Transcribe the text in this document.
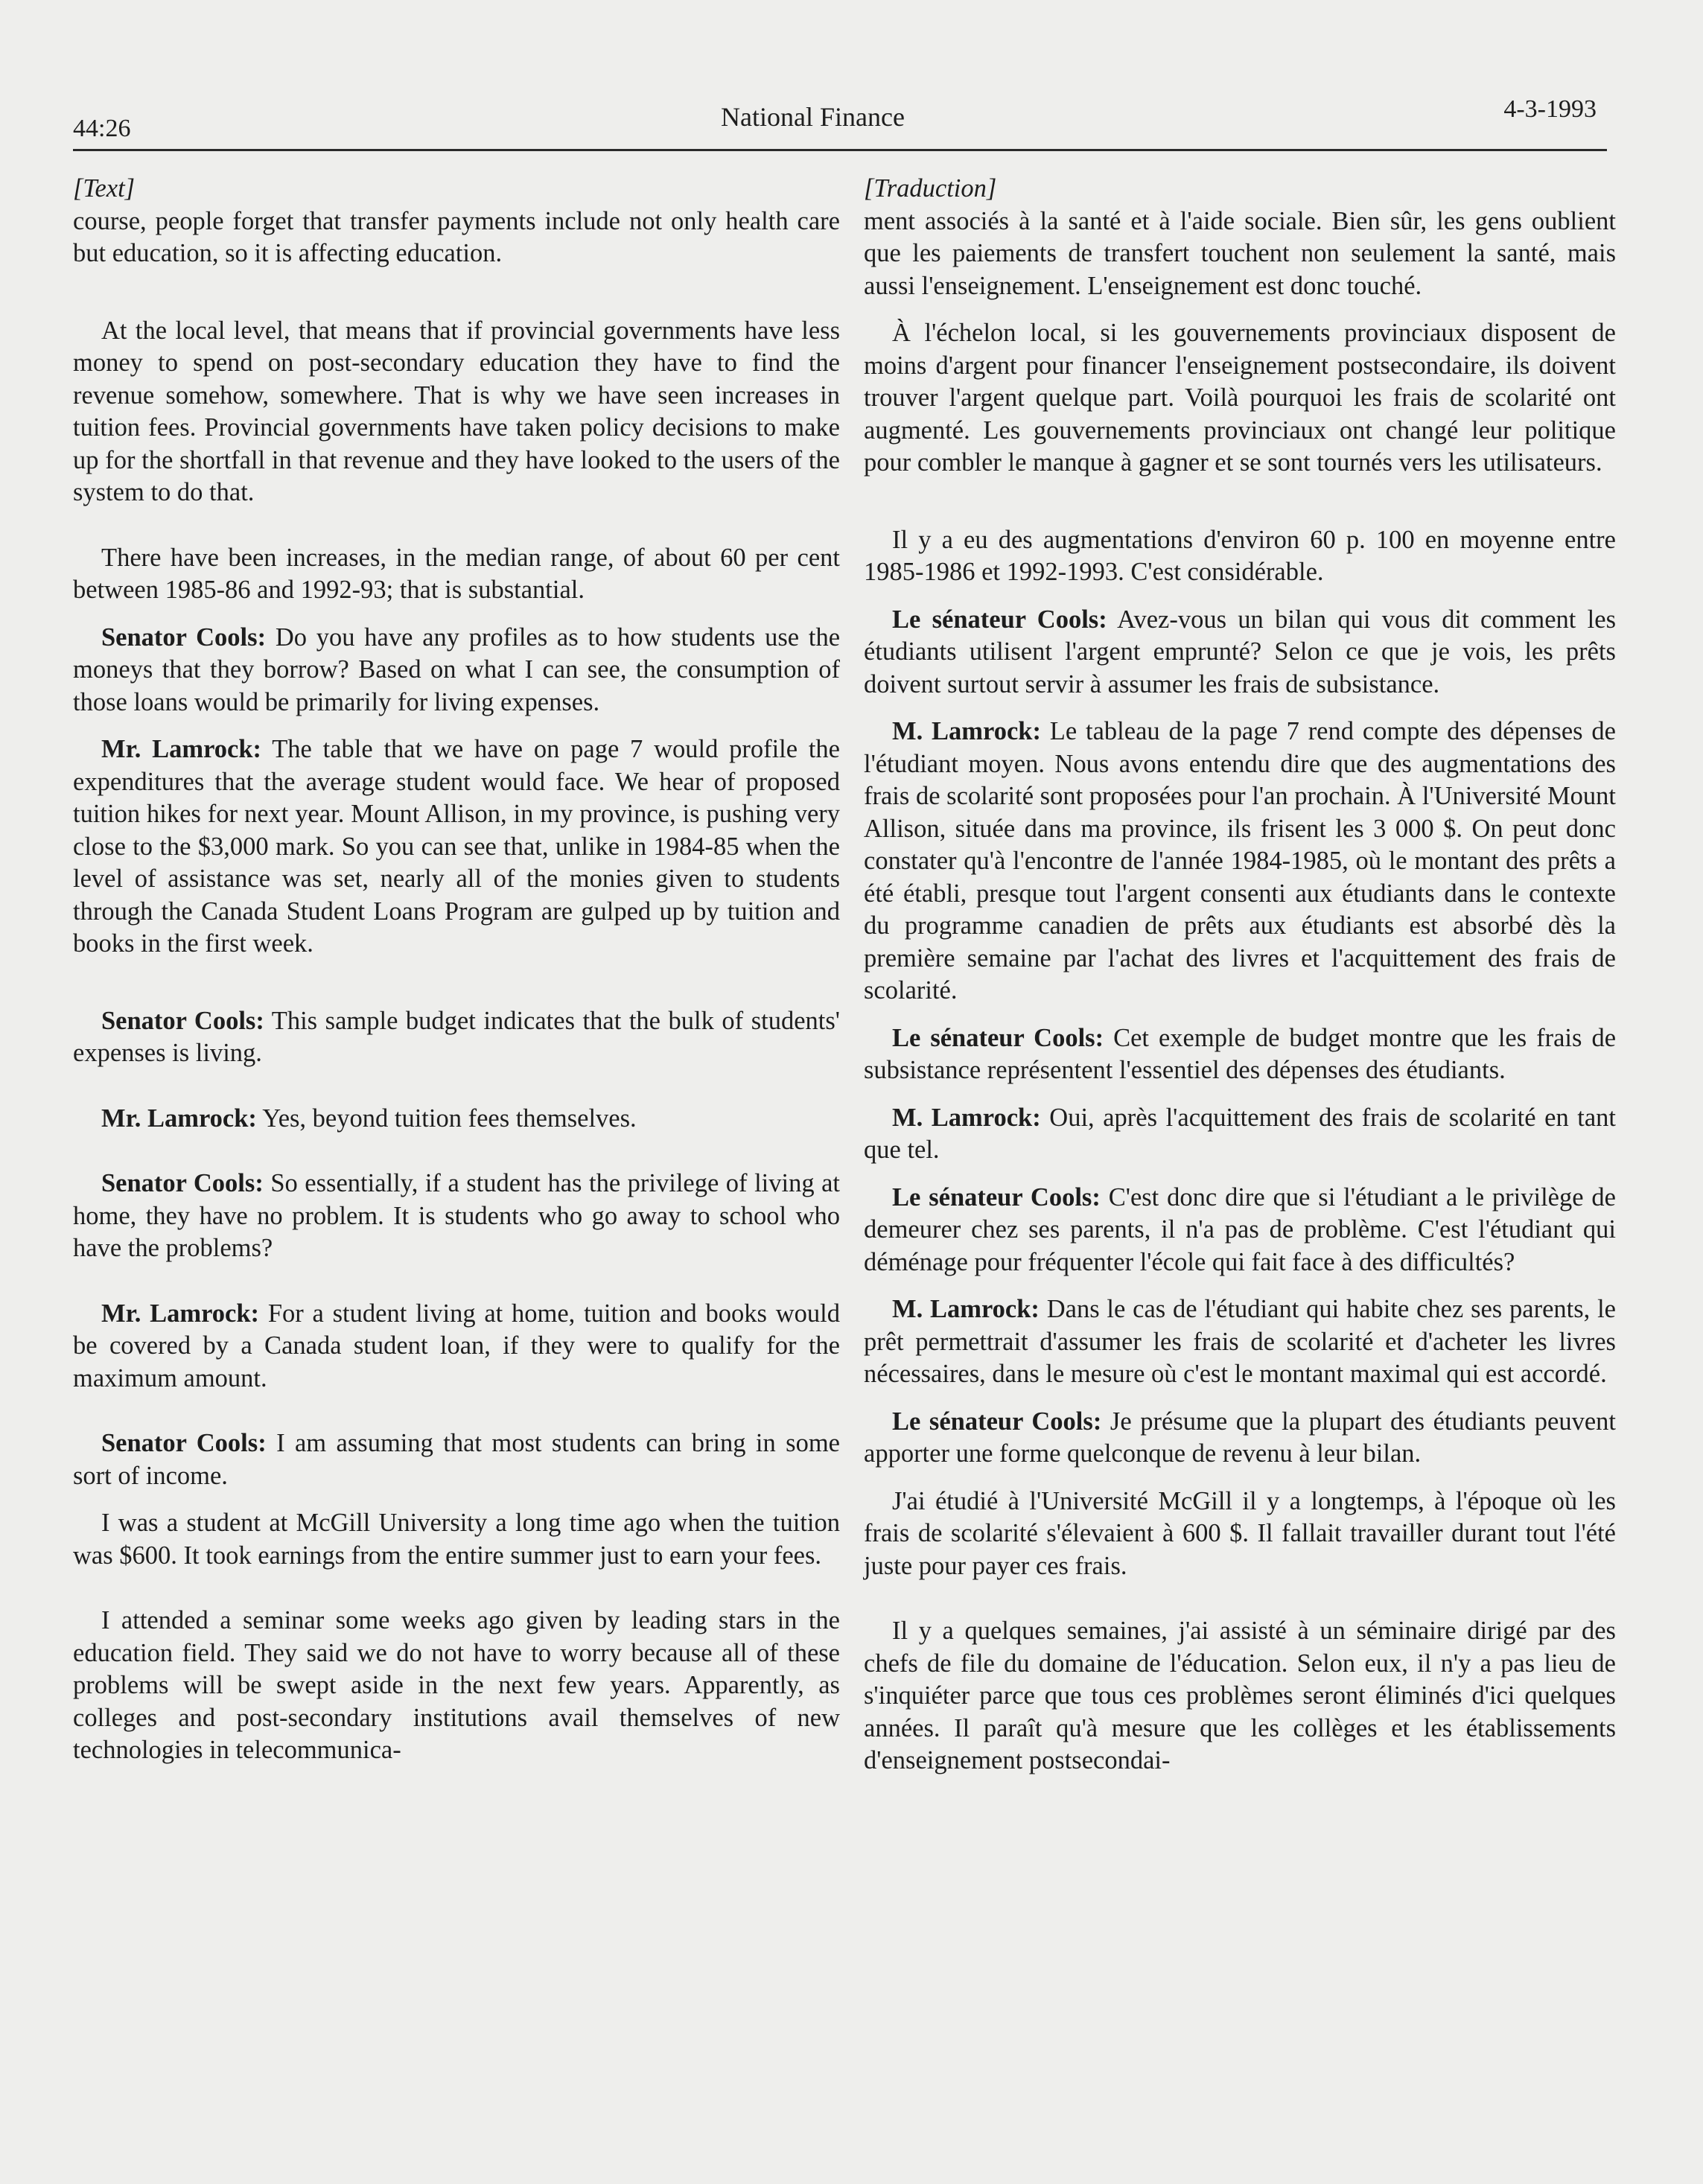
44:26	National Finance	4-3-1993
[Text]

course, people forget that transfer payments include not only health care but education, so it is affecting education.

At the local level, that means that if provincial governments have less money to spend on post-secondary education they have to find the revenue somehow, somewhere. That is why we have seen increases in tuition fees. Provincial governments have taken policy decisions to make up for the shortfall in that revenue and they have looked to the users of the system to do that.

There have been increases, in the median range, of about 60 per cent between 1985-86 and 1992-93; that is substantial.

Senator Cools: Do you have any profiles as to how students use the moneys that they borrow? Based on what I can see, the consumption of those loans would be primarily for living expenses.

Mr. Lamrock: The table that we have on page 7 would profile the expenditures that the average student would face. We hear of proposed tuition hikes for next year. Mount Allison, in my province, is pushing very close to the $3,000 mark. So you can see that, unlike in 1984-85 when the level of assistance was set, nearly all of the monies given to students through the Canada Student Loans Program are gulped up by tuition and books in the first week.

Senator Cools: This sample budget indicates that the bulk of students' expenses is living.

Mr. Lamrock: Yes, beyond tuition fees themselves.

Senator Cools: So essentially, if a student has the privilege of living at home, they have no problem. It is students who go away to school who have the problems?

Mr. Lamrock: For a student living at home, tuition and books would be covered by a Canada student loan, if they were to qualify for the maximum amount.

Senator Cools: I am assuming that most students can bring in some sort of income.

I was a student at McGill University a long time ago when the tuition was $600. It took earnings from the entire summer just to earn your fees.

I attended a seminar some weeks ago given by leading stars in the education field. They said we do not have to worry because all of these problems will be swept aside in the next few years. Apparently, as colleges and post-secondary institutions avail themselves of new technologies in telecommunica-

[Traduction]

ment associés à la santé et à l'aide sociale. Bien sûr, les gens oublient que les paiements de transfert touchent non seulement la santé, mais aussi l'enseignement. L'enseignement est donc touché.

À l'échelon local, si les gouvernements provinciaux disposent de moins d'argent pour financer l'enseignement postsecondaire, ils doivent trouver l'argent quelque part. Voilà pourquoi les frais de scolarité ont augmenté. Les gouvernements provinciaux ont changé leur politique pour combler le manque à gagner et se sont tournés vers les utilisateurs.

Il y a eu des augmentations d'environ 60 p. 100 en moyenne entre 1985-1986 et 1992-1993. C'est considérable.

Le sénateur Cools: Avez-vous un bilan qui vous dit comment les étudiants utilisent l'argent emprunté? Selon ce que je vois, les prêts doivent surtout servir à assumer les frais de subsistance.

M. Lamrock: Le tableau de la page 7 rend compte des dépenses de l'étudiant moyen. Nous avons entendu dire que des augmentations des frais de scolarité sont proposées pour l'an prochain. À l'Université Mount Allison, située dans ma province, ils frisent les 3 000 $. On peut donc constater qu'à l'encontre de l'année 1984-1985, où le montant des prêts a été établi, presque tout l'argent consenti aux étudiants dans le contexte du programme canadien de prêts aux étudiants est absorbé dès la première semaine par l'achat des livres et l'acquittement des frais de scolarité.

Le sénateur Cools: Cet exemple de budget montre que les frais de subsistance représentent l'essentiel des dépenses des étudiants.

M. Lamrock: Oui, après l'acquittement des frais de scolarité en tant que tel.

Le sénateur Cools: C'est donc dire que si l'étudiant a le privilège de demeurer chez ses parents, il n'a pas de problème. C'est l'étudiant qui déménage pour fréquenter l'école qui fait face à des difficultés?

M. Lamrock: Dans le cas de l'étudiant qui habite chez ses parents, le prêt permettrait d'assumer les frais de scolarité et d'acheter les livres nécessaires, dans le mesure où c'est le montant maximal qui est accordé.

Le sénateur Cools: Je présume que la plupart des étudiants peuvent apporter une forme quelconque de revenu à leur bilan.

J'ai étudié à l'Université McGill il y a longtemps, à l'époque où les frais de scolarité s'élevaient à 600 $. Il fallait travailler durant tout l'été juste pour payer ces frais.

Il y a quelques semaines, j'ai assisté à un séminaire dirigé par des chefs de file du domaine de l'éducation. Selon eux, il n'y a pas lieu de s'inquiéter parce que tous ces problèmes seront éliminés d'ici quelques années. Il paraît qu'à mesure que les collèges et les établissements d'enseignement postsecondai-
